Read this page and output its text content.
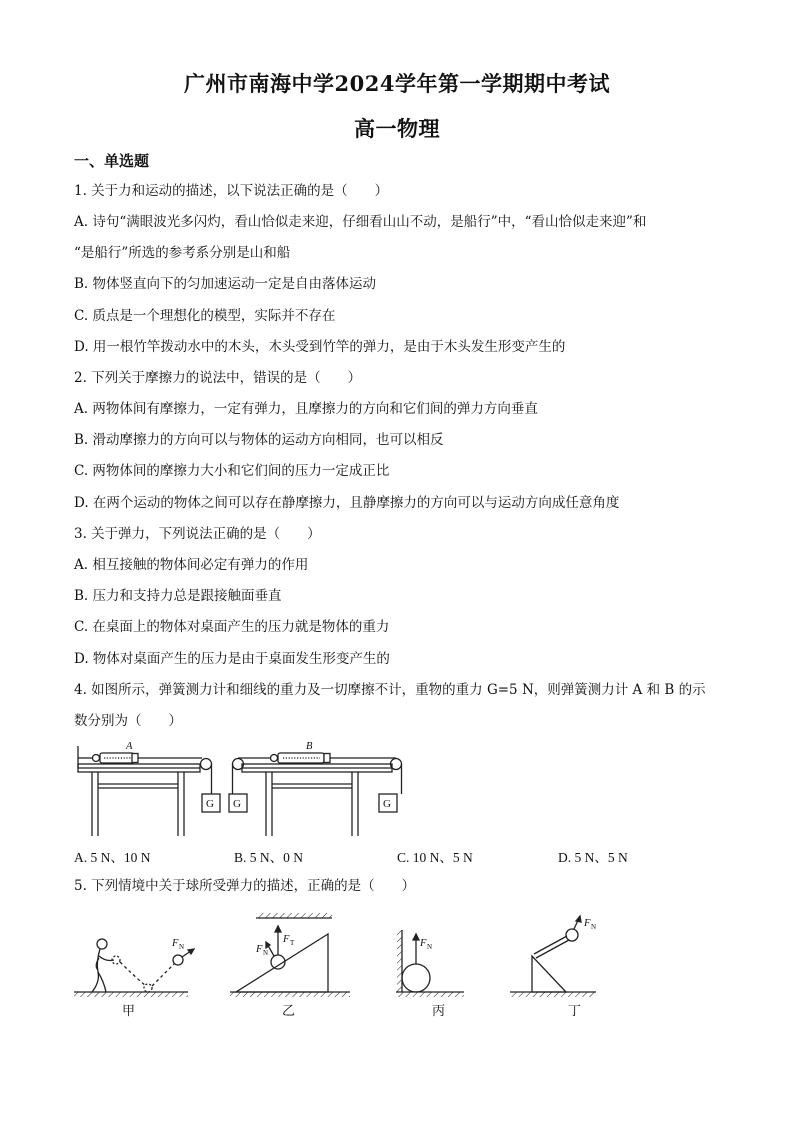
广州市南海中学2024学年第一学期期中考试
高一物理
一、单选题
1. 关于力和运动的描述，以下说法正确的是（　　）
A. 诗句“满眼波光多闪灼，看山恰似走来迎，仔细看山山不动，是船行”中，“看山恰似走来迎”和
“是船行”所选的参考系分别是山和船
B. 物体竖直向下的匀加速运动一定是自由落体运动
C. 质点是一个理想化的模型，实际并不存在
D. 用一根竹竿拨动水中的木头，木头受到竹竿的弹力，是由于木头发生形变产生的
2. 下列关于摩擦力的说法中，错误的是（　　）
A. 两物体间有摩擦力，一定有弹力，且摩擦力的方向和它们间的弹力方向垂直
B. 滑动摩擦力的方向可以与物体的运动方向相同，也可以相反
C. 两物体间的摩擦力大小和它们间的压力一定成正比
D. 在两个运动的物体之间可以存在静摩擦力，且静摩擦力的方向可以与运动方向成任意角度
3. 关于弹力，下列说法正确的是（　　）
A. 相互接触的物体间必定有弹力的作用
B. 压力和支持力总是跟接触面垂直
C. 在桌面上的物体对桌面产生的压力就是物体的重力
D. 物体对桌面产生的压力是由于桌面发生形变产生的
4. 如图所示，弹簧测力计和细线的重力及一切摩擦不计，重物的重力 G=5 N，则弹簧测力计 A 和 B 的示
数分别为（　　）
A	B
G G	G
A. 5 N、10 N	B. 5 N、0 N	C. 10 N、5 N	D. 5 N、5 N
5. 下列情境中关于球所受弹力的描述，正确的是（　　）
F N
甲
F N
F T
乙
F N
丙
F N
丁
